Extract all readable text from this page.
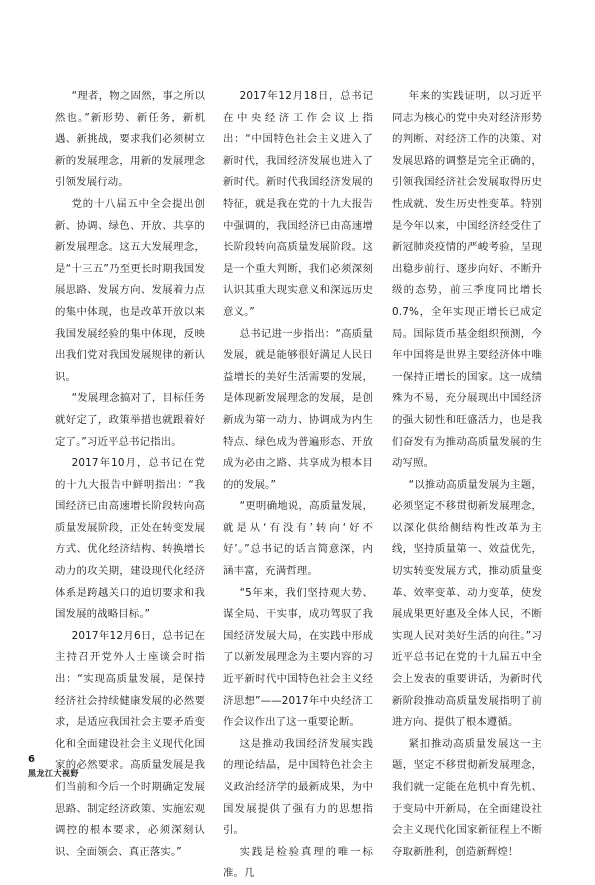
“理者，物之固然，事之所以然也。”新形势、新任务，新机遇、新挑战，要求我们必须树立新的发展理念，用新的发展理念引领发展行动。

党的十八届五中全会提出创新、协调、绿色、开放、共享的新发展理念。这五大发展理念，是“十三五”乃至更长时期我国发展思路、发展方向、发展着力点的集中体现，也是改革开放以来我国发展经验的集中体现，反映出我们党对我国发展规律的新认识。

“发展理念搞对了，目标任务就好定了，政策举措也就跟着好定了。”习近平总书记指出。

2017年10月，总书记在党的十九大报告中鲜明指出：“我国经济已由高速增长阶段转向高质量发展阶段，正处在转变发展方式、优化经济结构、转换增长动力的攻关期，建设现代化经济体系是跨越关口的迫切要求和我国发展的战略目标。”

2017年12月6日，总书记在主持召开党外人士座谈会时指出：“实现高质量发展，是保持经济社会持续健康发展的必然要求，是适应我国社会主要矛盾变化和全面建设社会主义现代化国家的必然要求。高质量发展是我们当前和今后一个时期确定发展思路、制定经济政策、实施宏观调控的根本要求，必须深刻认识、全面领会、真正落实。”

2017年12月18日，总书记在中央经济工作会议上指出：“中国特色社会主义进入了新时代，我国经济发展也进入了新时代。新时代我国经济发展的特征，就是我在党的十九大报告中强调的，我国经济已由高速增长阶段转向高质量发展阶段。这是一个重大判断，我们必须深刻认识其重大现实意义和深远历史意义。”

总书记进一步指出：“高质量发展，就是能够很好满足人民日益增长的美好生活需要的发展，是体现新发展理念的发展，是创新成为第一动力、协调成为内生特点、绿色成为普遍形态、开放成为必由之路、共享成为根本目的的发展。”

“更明确地说，高质量发展，就是从‘有没有’转向‘好不好’。”总书记的话言简意深，内涵丰富，充满哲理。

“5年来，我们坚持观大势、谋全局、干实事，成功驾驭了我国经济发展大局，在实践中形成了以新发展理念为主要内容的习近平新时代中国特色社会主义经济思想”——2017年中央经济工作会议作出了这一重要论断。

这是推动我国经济发展实践的理论结晶，是中国特色社会主义政治经济学的最新成果，为中国发展提供了强有力的思想指引。

实践是检验真理的唯一标准。几

年来的实践证明，以习近平同志为核心的党中央对经济形势的判断、对经济工作的决策、对发展思路的调整是完全正确的，引领我国经济社会发展取得历史性成就、发生历史性变革。特别是今年以来，中国经济经受住了新冠肺炎疫情的严峻考验，呈现出稳步前行、逐步向好、不断升级的态势，前三季度同比增长0.7%，全年实现正增长已成定局。国际货币基金组织预测，今年中国将是世界主要经济体中唯一保持正增长的国家。这一成绩殊为不易，充分展现出中国经济的强大韧性和旺盛活力，也是我们奋发有为推动高质量发展的生动写照。

“以推动高质量发展为主题，必须坚定不移贯彻新发展理念，以深化供给侧结构性改革为主线，坚持质量第一、效益优先，切实转变发展方式，推动质量变革、效率变革、动力变革，使发展成果更好惠及全体人民，不断实现人民对美好生活的向往。”习近平总书记在党的十九届五中全会上发表的重要讲话，为新时代新阶段推动高质量发展指明了前进方向、提供了根本遵循。

紧扣推动高质量发展这一主题，坚定不移贯彻新发展理念，我们就一定能在危机中育先机、于变局中开新局，在全面建设社会主义现代化国家新征程上不断夺取新胜利，创造新辉煌！

6
黑龙江大视野
